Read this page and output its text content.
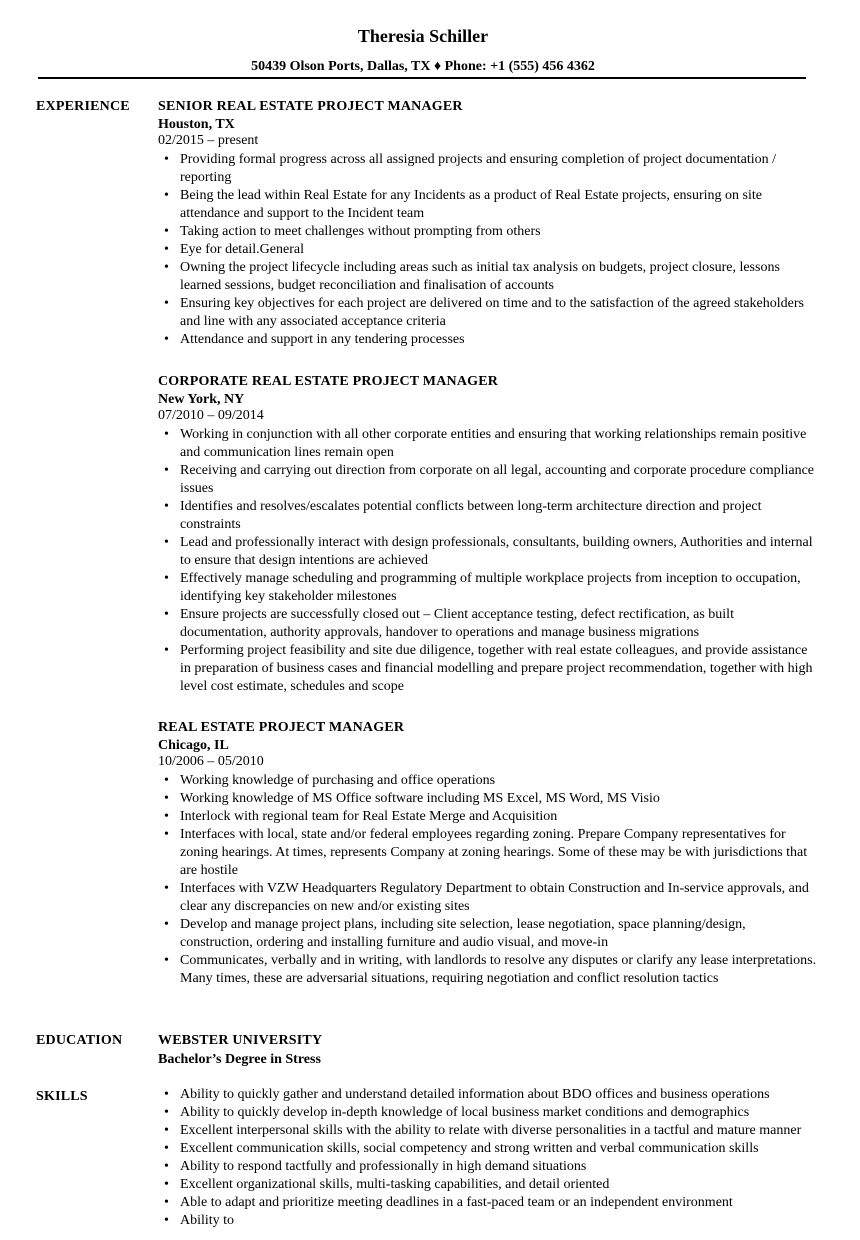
Theresia Schiller
50439 Olson Ports, Dallas, TX ♦ Phone: +1 (555) 456 4362
EXPERIENCE SENIOR REAL ESTATE PROJECT MANAGER
Houston, TX
02/2015 – present
• Providing formal progress across all assigned projects and ensuring completion of project documentation / reporting
• Being the lead within Real Estate for any Incidents as a product of Real Estate projects, ensuring on site attendance and support to the Incident team
• Taking action to meet challenges without prompting from others
• Eye for detail.General
• Owning the project lifecycle including areas such as initial tax analysis on budgets, project closure, lessons learned sessions, budget reconciliation and finalisation of accounts
• Ensuring key objectives for each project are delivered on time and to the satisfaction of the agreed stakeholders and line with any associated acceptance criteria
• Attendance and support in any tendering processes
CORPORATE REAL ESTATE PROJECT MANAGER
New York, NY
07/2010 – 09/2014
• Working in conjunction with all other corporate entities and ensuring that working relationships remain positive and communication lines remain open
• Receiving and carrying out direction from corporate on all legal, accounting and corporate procedure compliance issues
• Identifies and resolves/escalates potential conflicts between long-term architecture direction and project constraints
• Lead and professionally interact with design professionals, consultants, building owners, Authorities and internal to ensure that design intentions are achieved
• Effectively manage scheduling and programming of multiple workplace projects from inception to occupation, identifying key stakeholder milestones
• Ensure projects are successfully closed out – Client acceptance testing, defect rectification, as built documentation, authority approvals, handover to operations and manage business migrations
• Performing project feasibility and site due diligence, together with real estate colleagues, and provide assistance in preparation of business cases and financial modelling and prepare project recommendation, together with high level cost estimate, schedules and scope
REAL ESTATE PROJECT MANAGER
Chicago, IL
10/2006 – 05/2010
• Working knowledge of purchasing and office operations
• Working knowledge of MS Office software including MS Excel, MS Word, MS Visio
• Interlock with regional team for Real Estate Merge and Acquisition
• Interfaces with local, state and/or federal employees regarding zoning. Prepare Company representatives for zoning hearings. At times, represents Company at zoning hearings. Some of these may be with jurisdictions that are hostile
• Interfaces with VZW Headquarters Regulatory Department to obtain Construction and In-service approvals, and clear any discrepancies on new and/or existing sites
• Develop and manage project plans, including site selection, lease negotiation, space planning/design, construction, ordering and installing furniture and audio visual, and move-in
• Communicates, verbally and in writing, with landlords to resolve any disputes or clarify any lease interpretations. Many times, these are adversarial situations, requiring negotiation and conflict resolution tactics
EDUCATION	WEBSTER UNIVERSITY
Bachelor’s Degree in Stress
SKILLS	• Ability to quickly gather and understand detailed information about BDO offices and business operations
• Ability to quickly develop in-depth knowledge of local business market conditions and demographics
• Excellent interpersonal skills with the ability to relate with diverse personalities in a tactful and mature manner
• Excellent communication skills, social competency and strong written and verbal communication skills
• Ability to respond tactfully and professionally in high demand situations
• Excellent organizational skills, multi-tasking capabilities, and detail oriented
• Able to adapt and prioritize meeting deadlines in a fast-paced team or an independent environment
• Ability to
